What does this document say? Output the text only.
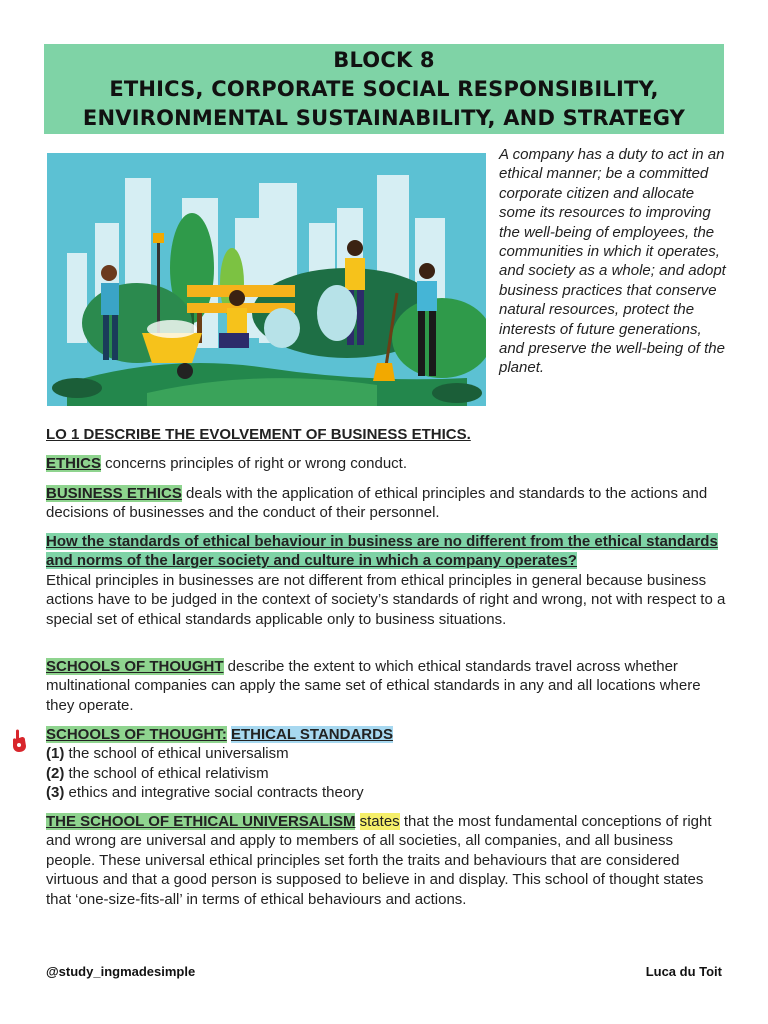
BLOCK 8
ETHICS, CORPORATE SOCIAL RESPONSIBILITY,
ENVIRONMENTAL SUSTAINABILITY, AND STRATEGY
A company has a duty to act in an ethical manner; be a committed corporate citizen and allocate some its resources to improving the well-being of employees, the communities in which it operates, and society as a whole; and adopt business practices that conserve natural resources, protect the interests of future generations, and preserve the well-being of the planet.
LO 1 DESCRIBE THE EVOLVEMENT OF BUSINESS ETHICS.
ETHICS concerns principles of right or wrong conduct.
BUSINESS ETHICS deals with the application of ethical principles and standards to the actions and decisions of businesses and the conduct of their personnel.
How the standards of ethical behaviour in business are no different from the ethical standards and norms of the larger society and culture in which a company operates?
Ethical principles in businesses are not different from ethical principles in general because business actions have to be judged in the context of society’s standards of right and wrong, not with respect to a special set of ethical standards applicable only to business situations.
SCHOOLS OF THOUGHT describe the extent to which ethical standards travel across whether multinational companies can apply the same set of ethical standards in any and all locations where they operate.
SCHOOLS OF THOUGHT: ETHICAL STANDARDS
(1) the school of ethical universalism
(2) the school of ethical relativism
(3) ethics and integrative social contracts theory
THE SCHOOL OF ETHICAL UNIVERSALISM states that the most fundamental conceptions of right and wrong are universal and apply to members of all societies, all companies, and all business people. These universal ethical principles set forth the traits and behaviours that are considered virtuous and that a good person is supposed to believe in and display. This school of thought states that ‘one-size-fits-all’ in terms of ethical behaviours and actions.
@study_ingmadesimple	Luca du Toit
